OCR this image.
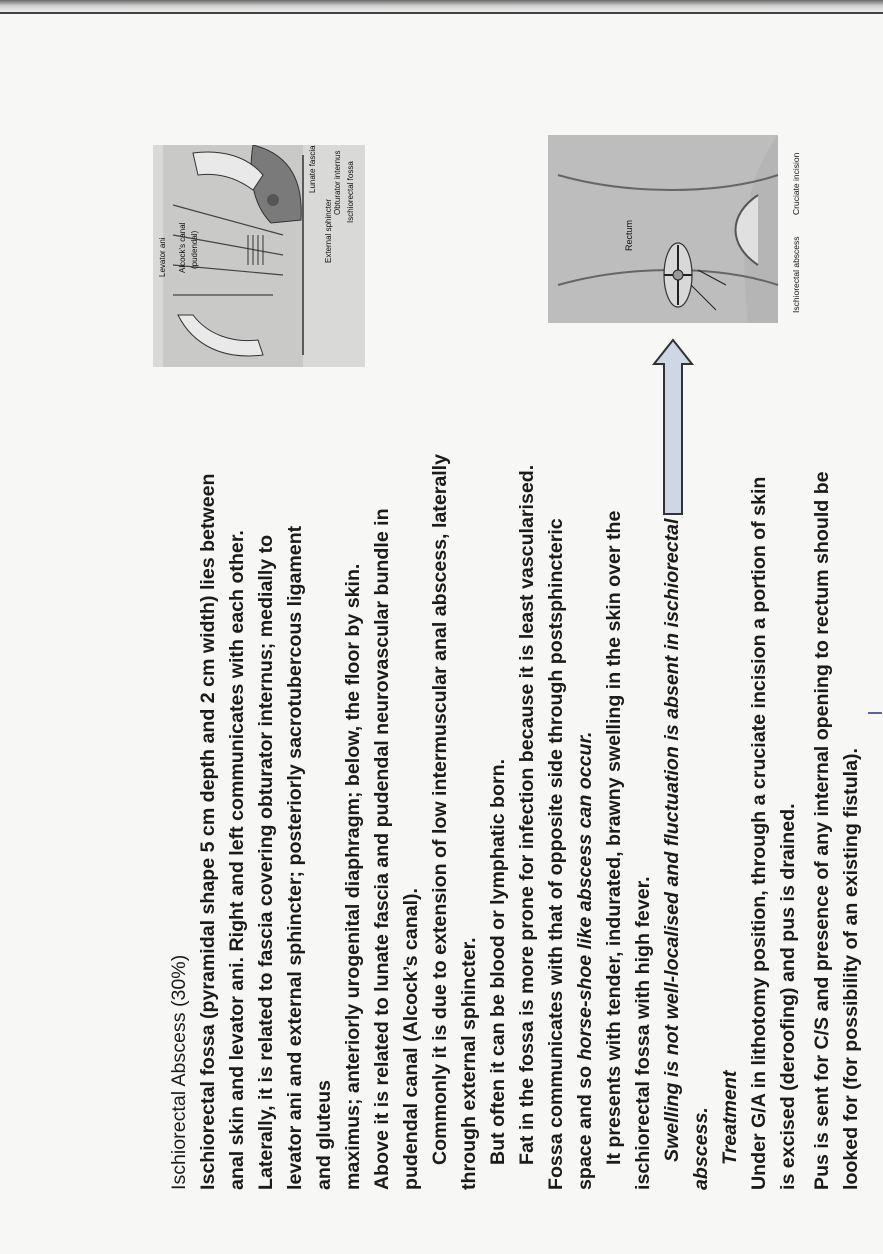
Ischiorectal Abscess (30%) Ischiorectal fossa (pyramidal shape 5 cm depth and 2 cm width) lies between anal skin and levator ani. Right and left communicates with each other. Laterally, it is related to fascia covering obturator internus; medially to levator ani and external sphincter; posteriorly sacrotubercous ligament and gluteus maximus; anteriorly urogenital diaphragm; below, the floor by skin. Above it is related to lunate fascia and pudendal neurovascular bundle in pudendal canal (Alcock’s canal). Commonly it is due to extension of low intermuscular anal abscess, laterally through external sphincter. But often it can be blood or lymphatic born. Fat in the fossa is more prone for infection because it is least vascularised. Fossa communicates with that of opposite side through postsphincteric space and so horse-shoe like abscess can occur. It presents with tender, indurated, brawny swelling in the skin over the ischiorectal fossa with high fever. Swelling is not well-localised and fluctuation is absent in ischiorectal abscess. Treatment Under G/A in lithotomy position, through a cruciate incision a portion of skin is excised (deroofing) and pus is drained. Pus is sent for C/S and presence of any internal opening to rectum should be looked for (for possibility of an existing fistula).
Obturator internus
Lunate fascia	Ischiorectal fossa
External sphincter
Levator ani Alcock's canal (pudendal)	Rectum
Ischiorectal abscess
Cruciate incision
